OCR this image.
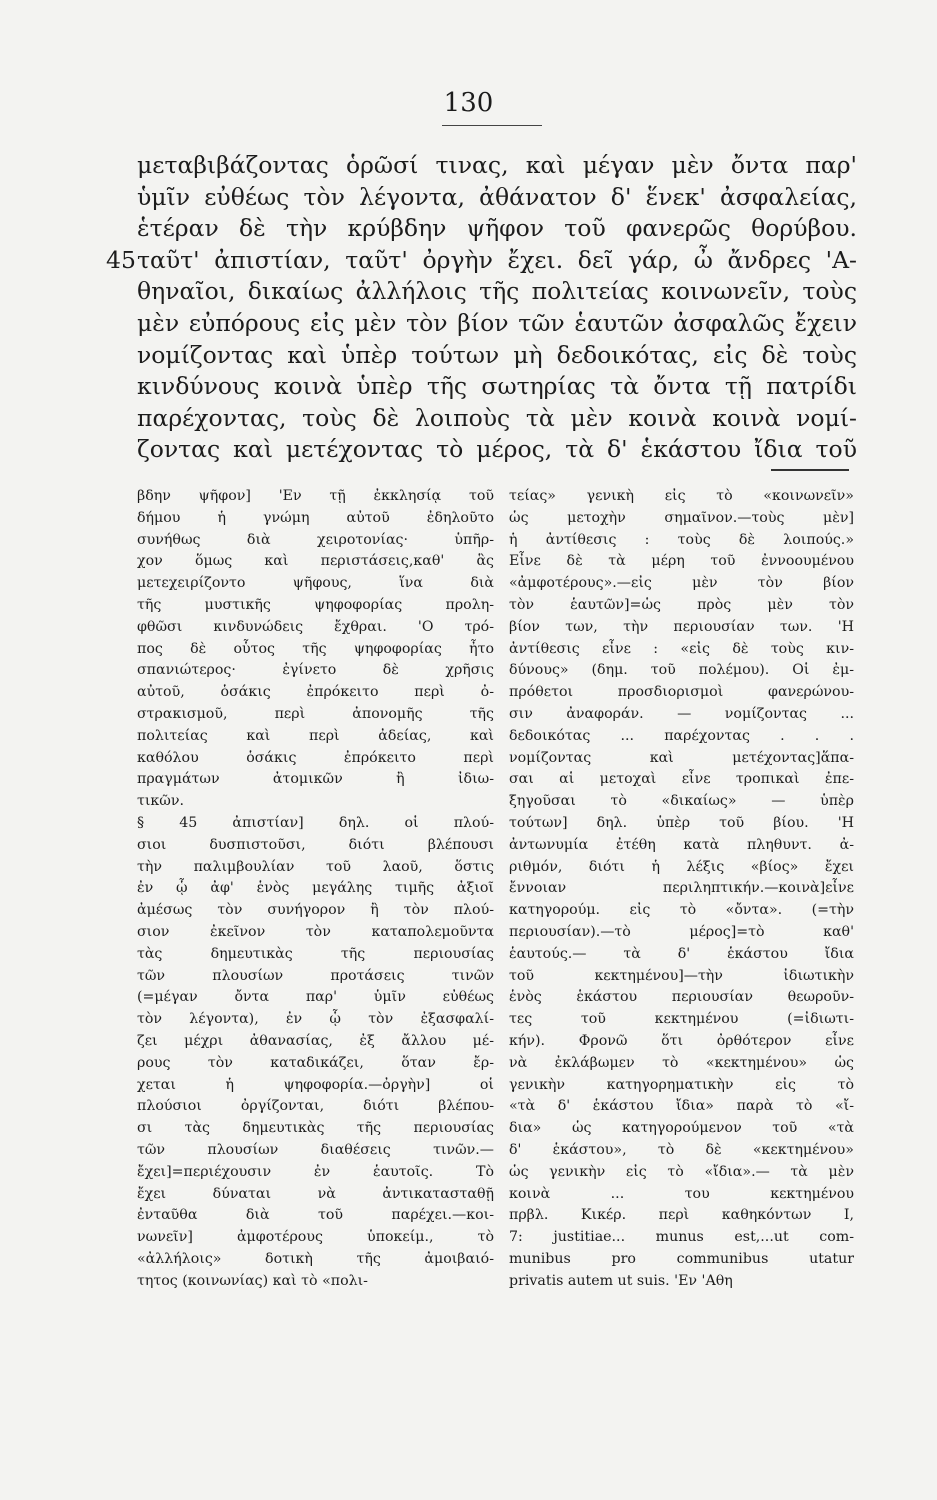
130
μεταβιβάζοντας ὁρῶσί τινας, καὶ μέγαν μὲν ὄντα παρ'
ὑμῖν εὐθέως τὸν λέγοντα, ἀθάνατον δ' ἕνεκ' ἀσφαλείας,
ἑτέραν δὲ τὴν κρύβδην ψῆφον τοῦ φανερῶς θορύβου.
45 ταῦτ' ἀπιστίαν, ταῦτ' ὀργὴν ἔχει. δεῖ γάρ, ὦ ἄνδρες 'Α-
θηναῖοι, δικαίως ἀλλήλοις τῆς πολιτείας κοινωνεῖν, τοὺς
μὲν εὐπόρους εἰς μὲν τὸν βίον τῶν ἑαυτῶν ἀσφαλῶς ἔχειν
νομίζοντας καὶ ὑπὲρ τούτων μὴ δεδοικότας, εἰς δὲ τοὺς
κινδύνους κοινὰ ὑπὲρ τῆς σωτηρίας τὰ ὄντα τῇ πατρίδι
παρέχοντας, τοὺς δὲ λοιποὺς τὰ μὲν κοινὰ κοινὰ νομί-
ζοντας καὶ μετέχοντας τὸ μέρος, τὰ δ' ἑκάστου ἴδια τοῦ
βδην ψῆφον] 'Εν τῇ ἐκκλησίᾳ τοῦ
δήμου ἡ γνώμη αὐτοῦ ἐδηλοῦτο
συνήθως διὰ χειροτονίας· ὑπῆρ-
χον ὅμως καὶ περιστάσεις,καθ' ἃς
μετεχειρίζοντο ψῆφους, ἵνα διὰ
τῆς μυστικῆς ψηφοφορίας προλη-
φθῶσι κινδυνώδεις ἔχθραι. 'Ο τρό-
πος δὲ οὗτος τῆς ψηφοφορίας ἦτο
σπανιώτερος· ἐγίνετο δὲ χρῆσις
αὐτοῦ, ὁσάκις ἐπρόκειτο περὶ ὀ-
στρακισμοῦ, περὶ ἀπονομῆς τῆς
πολιτείας καὶ περὶ ἀδείας, καὶ
καθόλου ὁσάκις ἐπρόκειτο περὶ
πραγμάτων ἀτομικῶν ἢ ἰδιω-
τικῶν.
§ 45 ἀπιστίαν] δηλ. οἱ πλού-
σιοι δυσπιστοῦσι, διότι βλέπουσι
τὴν παλιμβουλίαν τοῦ λαοῦ, ὅστις
ἐν ᾧ ἀφ' ἑνὸς μεγάλης τιμῆς ἀξιοῖ
ἀμέσως τὸν συνήγορον ἢ τὸν πλού-
σιον ἐκεῖνον τὸν καταπολεμοῦντα
τὰς δημευτικὰς τῆς περιουσίας
τῶν πλουσίων προτάσεις τινῶν
(=μέγαν ὄντα παρ' ὑμῖν εὐθέως
τὸν λέγοντα), ἐν ᾧ τὸν ἐξασφαλί-
ζει μέχρι ἀθανασίας, ἐξ ἄλλου μέ-
ρους τὸν καταδικάζει, ὅταν ἔρ-
χεται ἡ ψηφοφορία.—ὀργὴν] οἱ
πλούσιοι ὀργίζονται, διότι βλέπου-
σι τὰς δημευτικὰς τῆς περιουσίας
τῶν πλουσίων διαθέσεις τινῶν.—
ἔχει]=περιέχουσιν ἐν ἑαυτοῖς. Τὸ
ἔχει δύναται νὰ ἀντικατασταθῇ
ἐνταῦθα διὰ τοῦ παρέχει.—κοι-
νωνεῖν] ἀμφοτέρους ὑποκείμ., τὸ
«ἀλλήλοις» δοτικὴ τῆς ἀμοιβαιό-
τητος (κοινωνίας) καὶ τὸ «πολι-
τείας» γενικὴ εἰς τὸ «κοινωνεῖν»
ὡς μετοχὴν σημαῖνον.—τοὺς μὲν]
ἡ ἀντίθεσις : τοὺς δὲ λοιπούς.»
Εἶνε δὲ τὰ μέρη τοῦ ἐννοουμένου
«ἀμφοτέρους».—εἰς μὲν τὸν βίον
τὸν ἑαυτῶν]=ὡς πρὸς μὲν τὸν
βίον των, τὴν περιουσίαν των. 'Η
ἀντίθεσις εἶνε : «εἰς δὲ τοὺς κιν-
δύνους» (δημ. τοῦ πολέμου). Οἱ ἐμ-
πρόθετοι προσδιορισμοὶ φανερώνου-
σιν ἀναφοράν. — νομίζοντας ...
δεδοικότας ... παρέχοντας . . .
νομίζοντας καὶ μετέχοντας]ἅπα-
σαι αἱ μετοχαὶ εἶνε τροπικαὶ ἐπε-
ξηγοῦσαι τὸ «δικαίως» — ὑπὲρ
τούτων] δηλ. ὑπὲρ τοῦ βίου. 'Η
ἀντωνυμία ἐτέθη κατὰ πληθυντ. ἀ-
ριθμόν, διότι ἡ λέξις «βίος» ἔχει
ἔννοιαν περιληπτικήν.—κοινὰ]εἶνε
κατηγορούμ. εἰς τὸ «ὄντα». (=τὴν
περιουσίαν).—τὸ μέρος]=τὸ καθ'
ἑαυτούς.— τὰ δ' ἑκάστου ἴδια
τοῦ κεκτημένου]—τὴν ἰδιωτικὴν
ἑνὸς ἑκάστου περιουσίαν θεωροῦν-
τες τοῦ κεκτημένου (=ἰδιωτι-
κήν). Φρονῶ ὅτι ὀρθότερον εἶνε
νὰ ἐκλάβωμεν τὸ «κεκτημένου» ὡς
γενικὴν κατηγορηματικὴν εἰς τὸ
«τὰ δ' ἑκάστου ἴδια» παρὰ τὸ «ἴ-
δια» ὡς κατηγορούμενον τοῦ «τὰ
δ' ἑκάστου», τὸ δὲ «κεκτημένου»
ὡς γενικὴν εἰς τὸ «ἴδια».— τὰ μὲν
κοινὰ ... του κεκτημένου
πρβλ. Κικέρ. περὶ καθηκόντων I,
7: justitiae... munus est,...ut com-
munibus pro communibus utatur
privatis autem ut suis. 'Εν 'Αθη
